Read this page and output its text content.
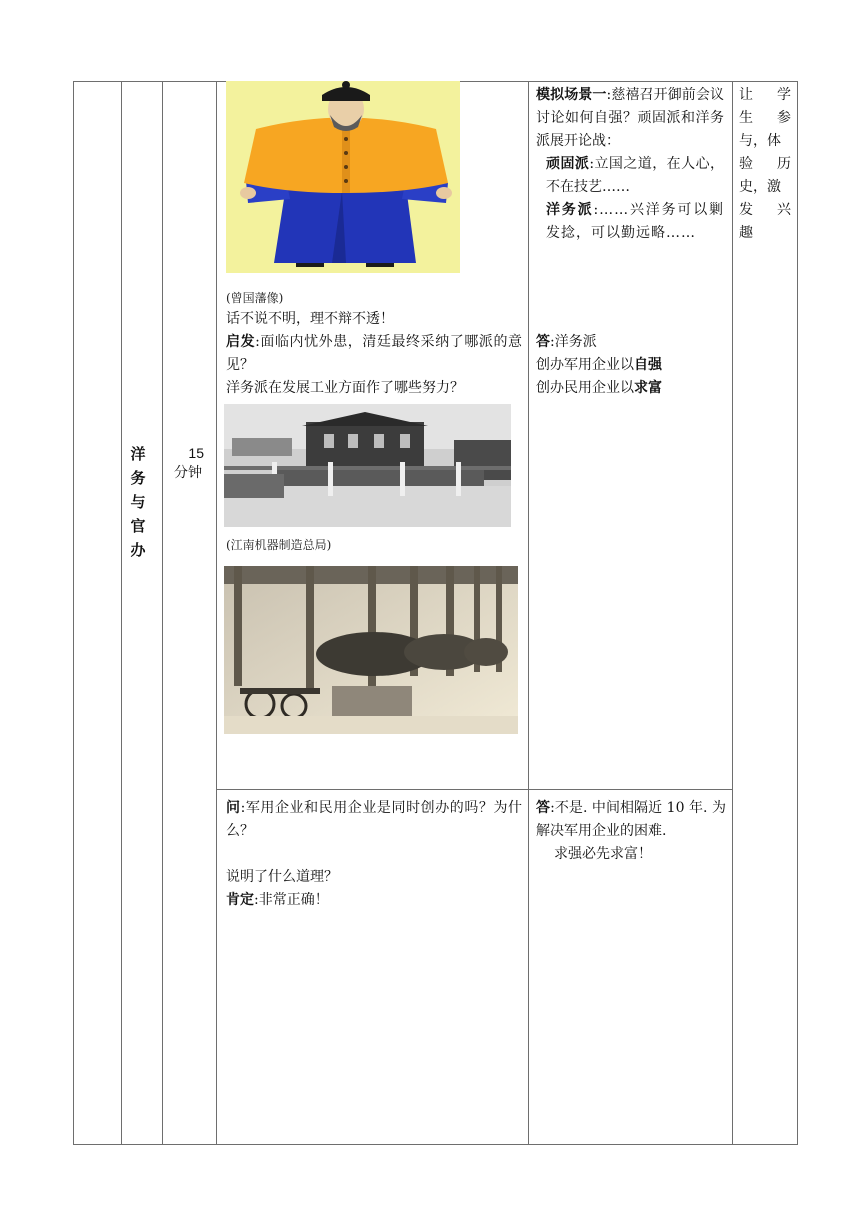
洋务与官办
15
分钟
(曾国藩像)

话不说不明，理不辩不透！

启发:面临内忧外患，清廷最终采纳了哪派的意见？

洋务派在发展工业方面作了哪些努力？

(江南机器制造总局)

问:军用企业和民用企业是同时创办的吗？为什么？

说明了什么道理？

肯定:非常正确！

模拟场景一:慈禧召开御前会议讨论如何自强？顽固派和洋务派展开论战：

顽固派:立国之道，在人心，不在技艺……

洋务派:……兴洋务可以剿发捻，可以勤远略……

答:洋务派

创办军用企业以自强

创办民用企业以求富

答:不是. 中间相隔近 10 年. 为解决军用企业的困难.

求强必先求富！

让 学
生 参
与，体
验 历
史，激
发 兴
趣
